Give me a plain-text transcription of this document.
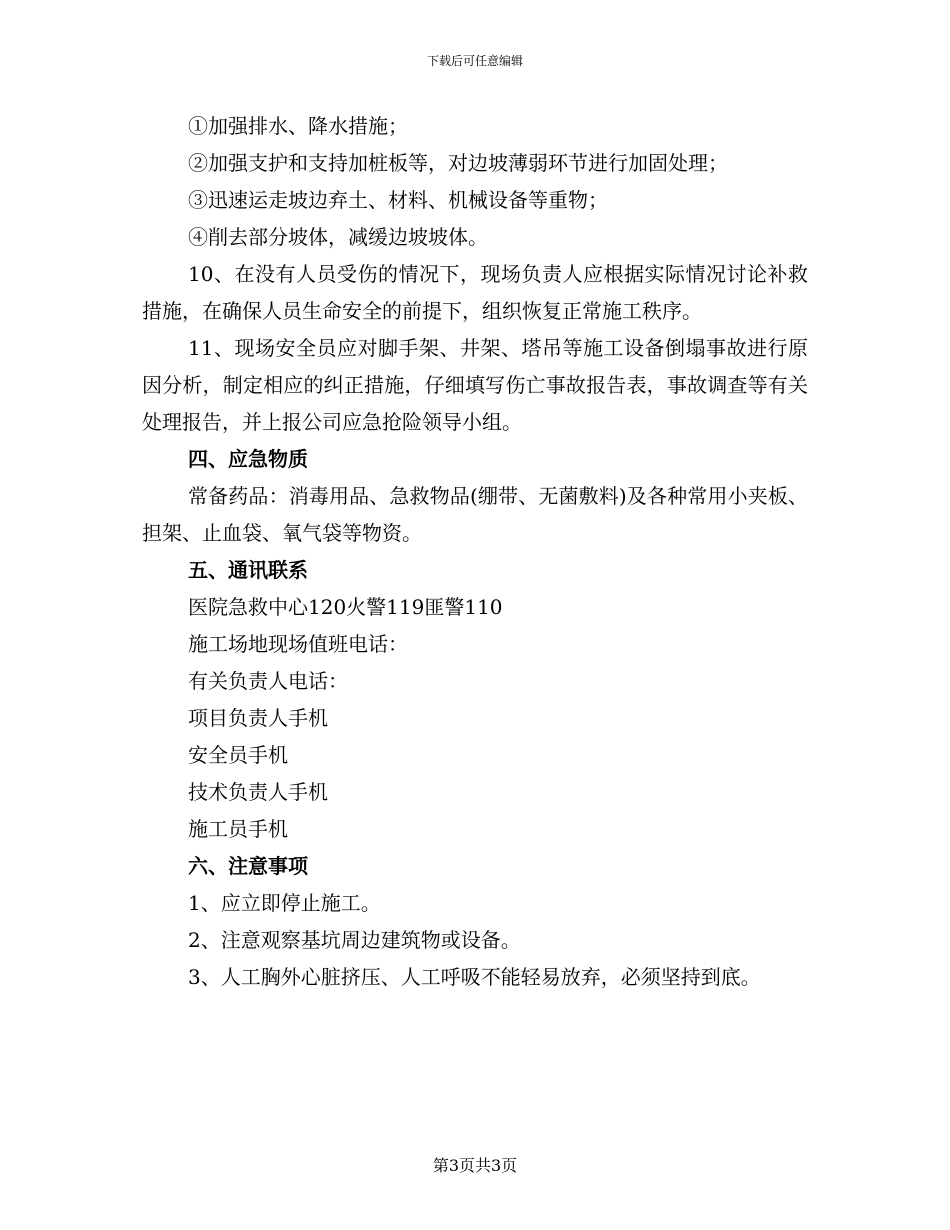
下载后可任意编辑

①加强排水、降水措施；

②加强支护和支持加桩板等，对边坡薄弱环节进行加固处理；

③迅速运走坡边弃土、材料、机械设备等重物；

④削去部分坡体，减缓边坡坡体。

10、在没有人员受伤的情况下，现场负责人应根据实际情况讨论补救措施，在确保人员生命安全的前提下，组织恢复正常施工秩序。

11、现场安全员应对脚手架、井架、塔吊等施工设备倒塌事故进行原因分析，制定相应的纠正措施，仔细填写伤亡事故报告表，事故调查等有关处理报告，并上报公司应急抢险领导小组。

四、应急物质

常备药品：消毒用品、急救物品(绷带、无菌敷料)及各种常用小夹板、担架、止血袋、氧气袋等物资。

五、通讯联系

医院急救中心120火警119匪警110

施工场地现场值班电话：

有关负责人电话：

项目负责人手机

安全员手机

技术负责人手机

施工员手机

六、注意事项

1、应立即停止施工。

2、注意观察基坑周边建筑物或设备。

3、人工胸外心脏挤压、人工呼吸不能轻易放弃，必须坚持到底。

第3页共3页
